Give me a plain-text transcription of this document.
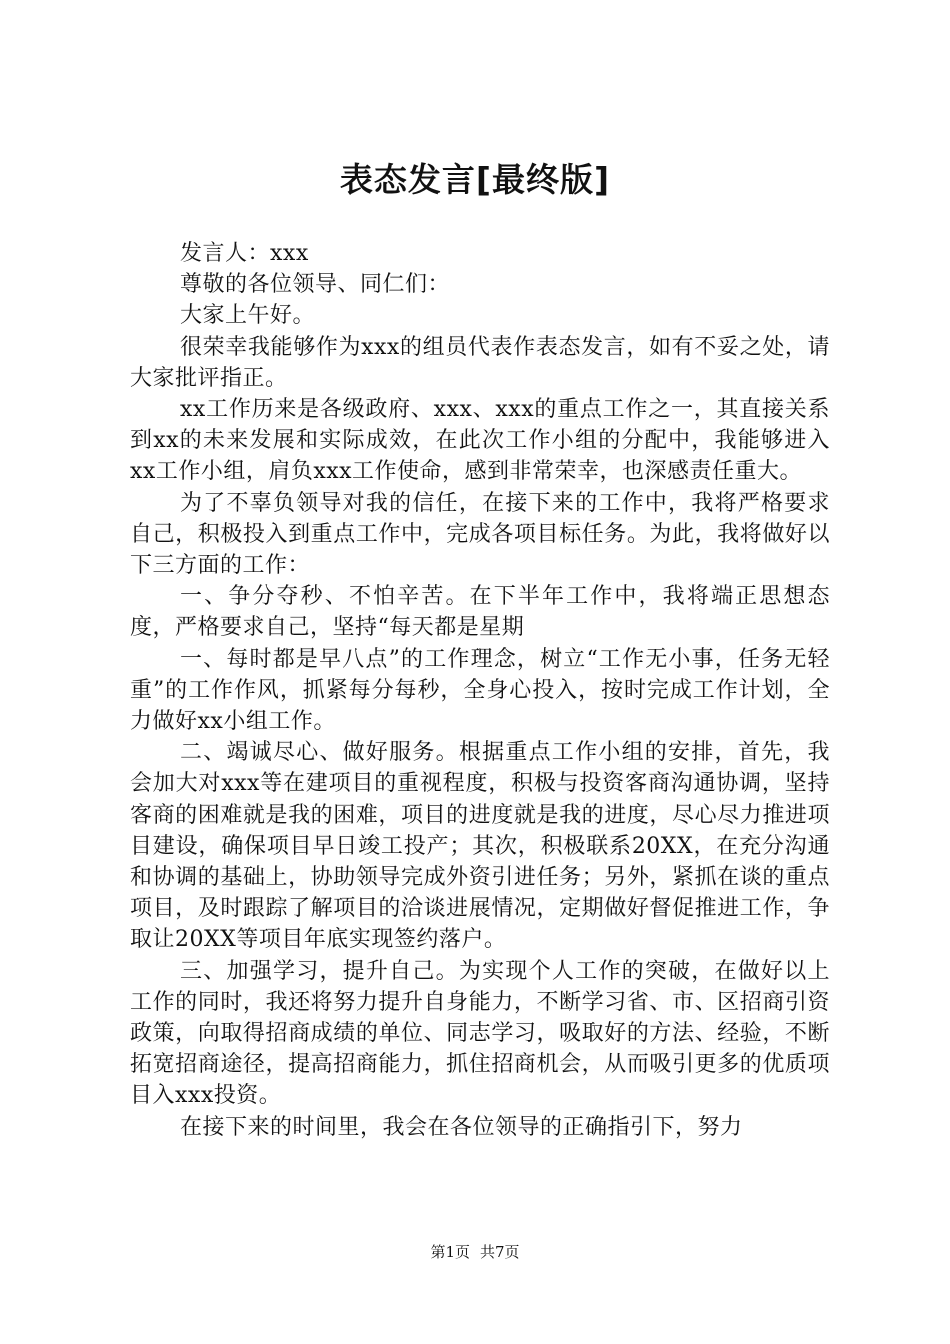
表态发言[最终版]

发言人：xxx

尊敬的各位领导、同仁们：

大家上午好。

很荣幸我能够作为xxx的组员代表作表态发言，如有不妥之处，请大家批评指正。

xx工作历来是各级政府、xxx、xxx的重点工作之一，其直接关系到xx的未来发展和实际成效，在此次工作小组的分配中，我能够进入xx工作小组，肩负xxx工作使命，感到非常荣幸，也深感责任重大。

为了不辜负领导对我的信任，在接下来的工作中，我将严格要求自己，积极投入到重点工作中，完成各项目标任务。为此，我将做好以下三方面的工作：

一、争分夺秒、不怕辛苦。在下半年工作中，我将端正思想态度，严格要求自己，坚持“每天都是星期

一、每时都是早八点”的工作理念，树立“工作无小事，任务无轻重”的工作作风，抓紧每分每秒，全身心投入，按时完成工作计划，全力做好xx小组工作。

二、竭诚尽心、做好服务。根据重点工作小组的安排，首先，我会加大对xxx等在建项目的重视程度，积极与投资客商沟通协调，坚持客商的困难就是我的困难，项目的进度就是我的进度，尽心尽力推进项目建设，确保项目早日竣工投产；其次，积极联系20XX，在充分沟通和协调的基础上，协助领导完成外资引进任务；另外，紧抓在谈的重点项目，及时跟踪了解项目的洽谈进展情况，定期做好督促推进工作，争取让20XX等项目年底实现签约落户。

三、加强学习，提升自己。为实现个人工作的突破，在做好以上工作的同时，我还将努力提升自身能力，不断学习省、市、区招商引资政策，向取得招商成绩的单位、同志学习，吸取好的方法、经验，不断拓宽招商途径，提高招商能力，抓住招商机会，从而吸引更多的优质项目入xxx投资。

在接下来的时间里，我会在各位领导的正确指引下，努力

第1页 共7页
